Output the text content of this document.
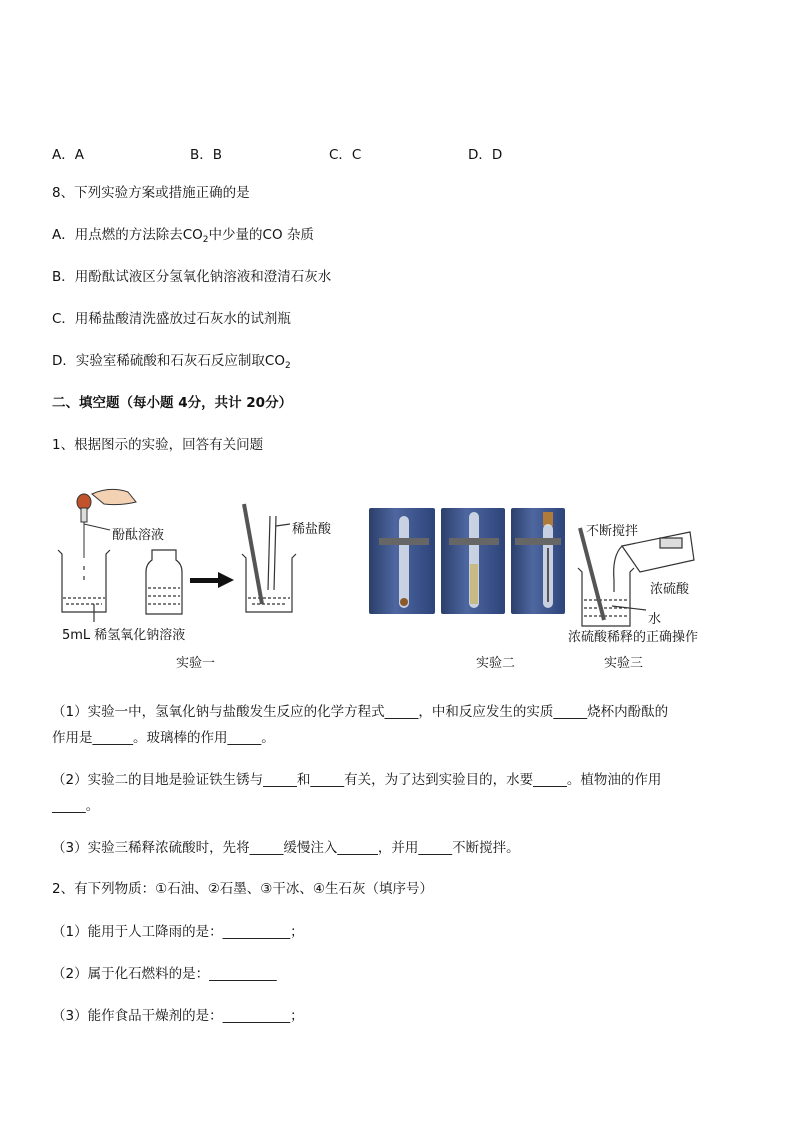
A．A	B．B	C．C	D．D
8、下列实验方案或措施正确的是
A．用点燃的方法除去$CO_2$中少量的CO 杂质
B．用酚酞试液区分氢氧化钠溶液和澄清石灰水
C．用稀盐酸清洗盛放过石灰水的试剂瓶
D．实验室稀硫酸和石灰石反应制取$CO_2$
二、填空题（每小题 4分，共计 20分）
1、根据图示的实验，回答有关问题
酚酞溶液
5mL 稀氢氧化钠溶液
稀盐酸	不断搅拌
浓硫酸
水
浓硫酸稀释的正确操作
实验一	实验二	实验三
（1）实验一中，氢氧化钠与盐酸发生反应的化学方程式_____，中和反应发生的实质_____烧杯内酚酞的
作用是______。玻璃棒的作用_____。
（2）实验二的目地是验证铁生锈与_____和_____有关，为了达到实验目的，水要_____。植物油的作用
_____。
（3）实验三稀释浓硫酸时，先将_____缓慢注入______，并用_____不断搅拌。
2、有下列物质：①石油、②石墨、③干冰、④生石灰（填序号）
（1）能用于人工降雨的是：__________；
（2）属于化石燃料的是：__________
（3）能作食品干燥剂的是：__________；
